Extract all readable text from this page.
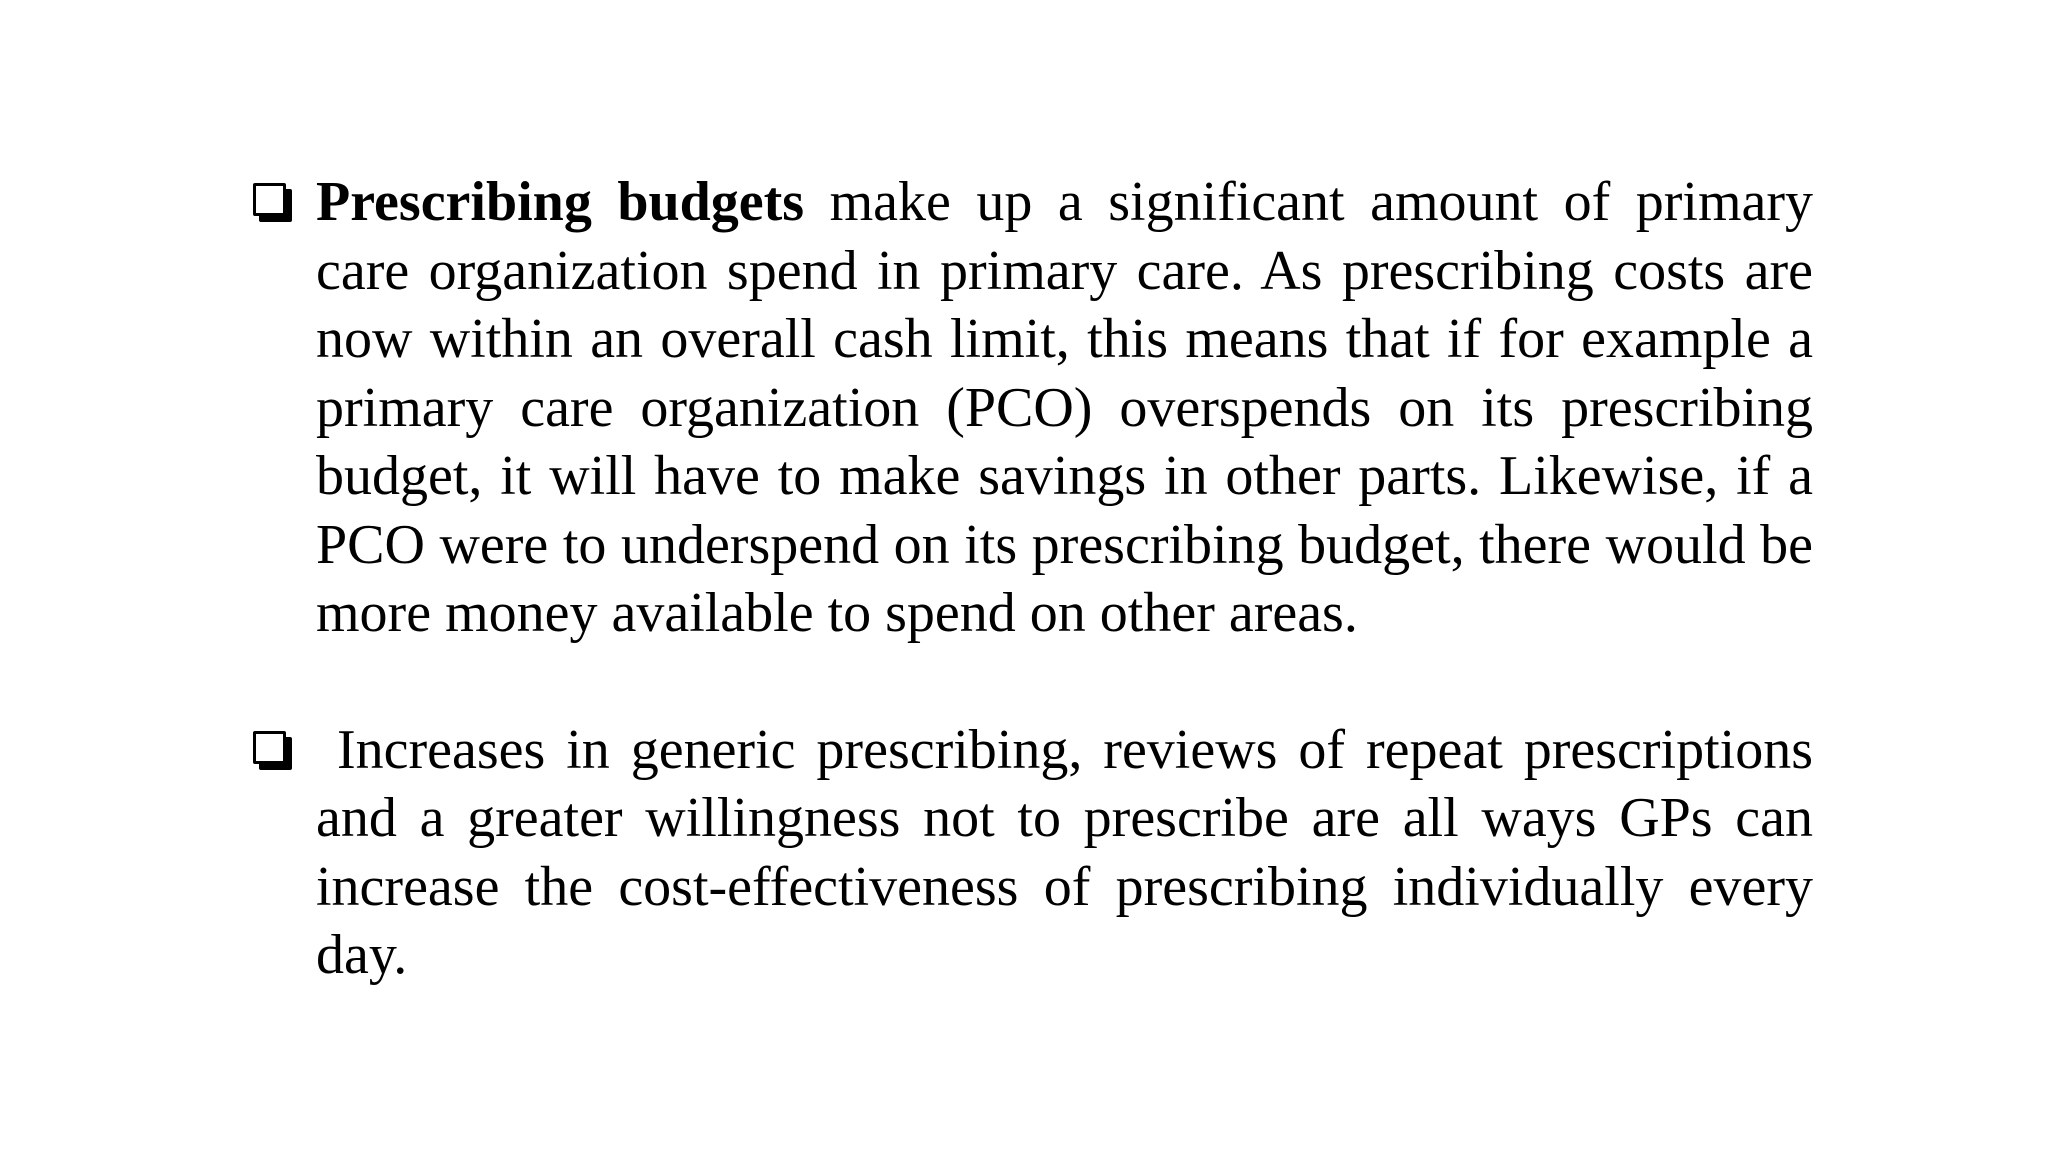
Prescribing budgets make up a significant amount of primary care organization spend in primary care. As prescribing costs are now within an overall cash limit, this means that if for example a primary care organization (PCO) overspends on its prescribing budget, it will have to make savings in other parts. Likewise, if a PCO were to underspend on its prescribing budget, there would be more money available to spend on other areas.
Increases in generic prescribing, reviews of repeat prescriptions and a greater willingness not to prescribe are all ways GPs can increase the cost-effectiveness of prescribing individually every day.
